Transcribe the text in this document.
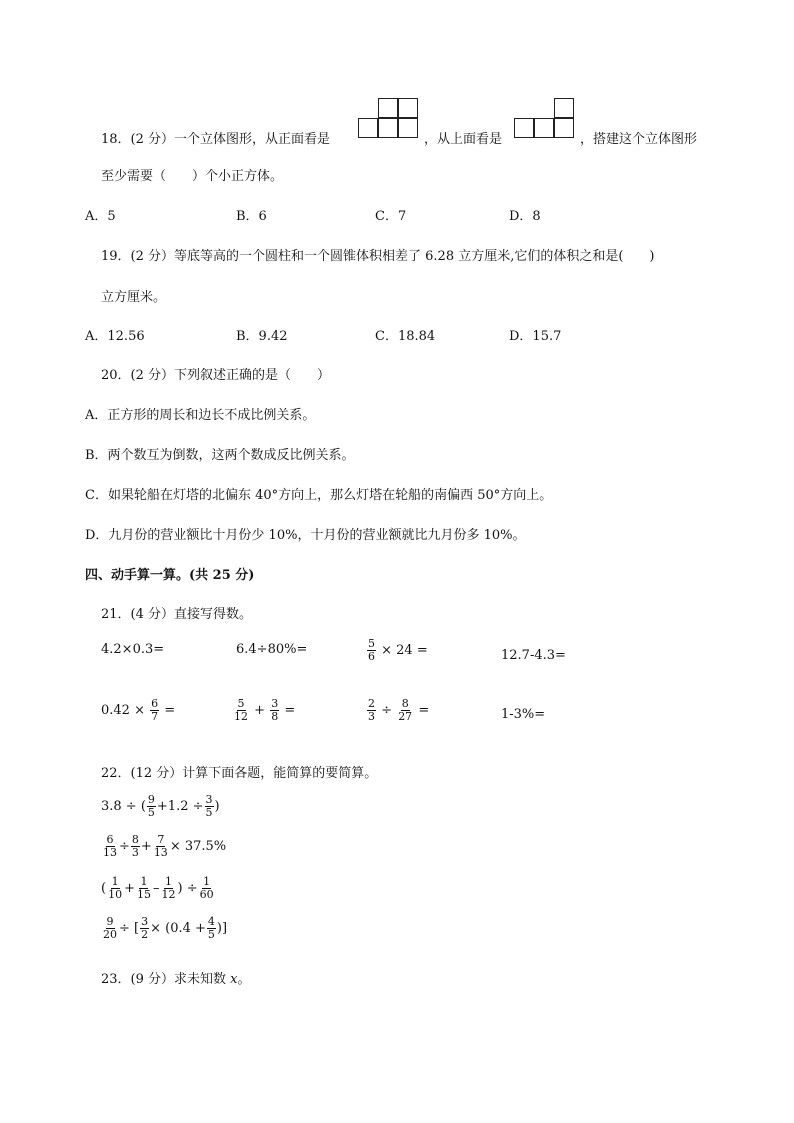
18．(2 分）一个立体图形，从正面看是	，从上面看是	，搭建这个立体图形
至少需要（　　）个小正方体。
A．5	B．6	C．7	D．8
19．(2 分）等底等高的一个圆柱和一个圆锥体积相差了 6.28 立方厘米,它们的体积之和是(　　)
立方厘米。
A．12.56	B．9.42	C．18.84	D．15.7
20．(2 分）下列叙述正确的是（　　）
A．正方形的周长和边长不成比例关系。
B．两个数互为倒数，这两个数成反比例关系。
C．如果轮船在灯塔的北偏东 40°方向上，那么灯塔在轮船的南偏西 50°方向上。
D．九月份的营业额比十月份少 10%，十月份的营业额就比九月份多 10%。
四、动手算一算。(共 25 分)
21．(4 分）直接写得数。
4.2×0.3=	6.4÷80%=	$\frac{5}{6} \times 24$ =	12.7-4.3=
$0.42 \times \frac{6}{7}$ =	$\frac{5}{12} + \frac{3}{8}$ =	$\frac{2}{3} \div \frac{8}{27}$ =	1-3%=
22．(12 分）计算下面各题，能简算的要简算。
3.8 ÷ ( $\frac{9}{5} +1.2 \div \frac{3}{5}$ )
$\frac{6}{13} \div \frac{8}{3} + \frac{7}{13} \times 37.5\%$
( $\frac{1}{10} + \frac{1}{15} - \frac{1}{12}$ ) ÷ $\frac{1}{60}$
$\frac{9}{20}$ ÷ [ $\frac{3}{2} \times (0.4 + \frac{4}{5}$ )]
23．(9 分）求未知数 x。
